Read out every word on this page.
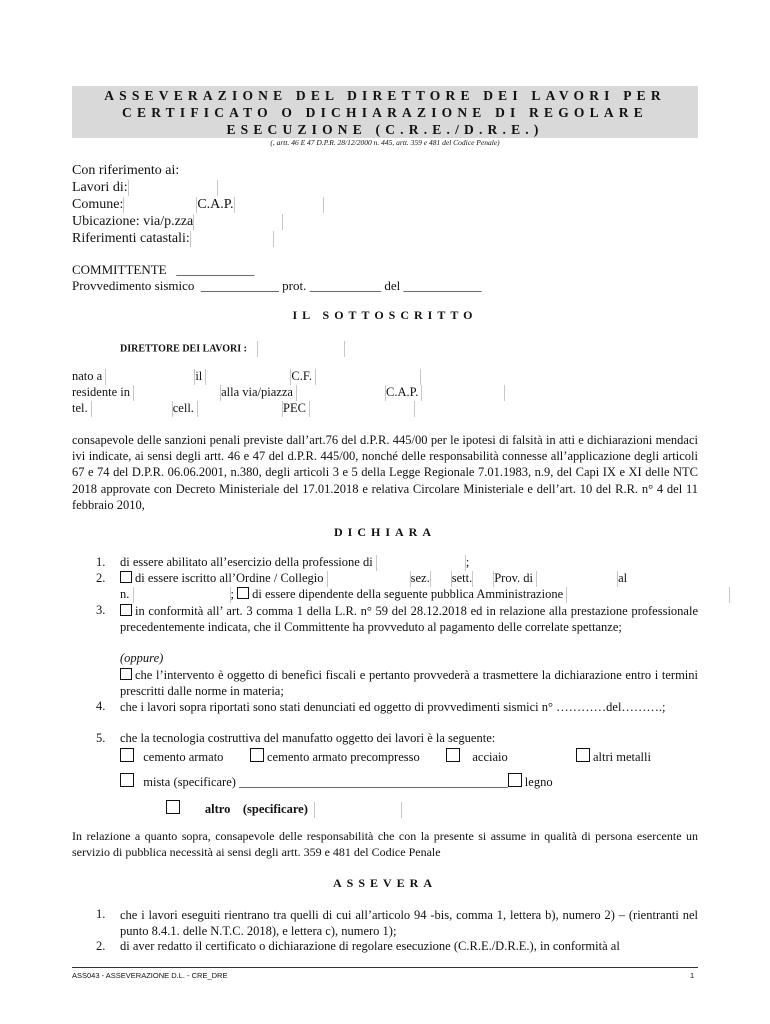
ASSEVERAZIONE DEL DIRETTORE DEI LAVORI PER
CERTIFICATO O DICHIARAZIONE DI REGOLARE
ESECUZIONE (C.R.E./D.R.E.)
(, artt. 46 E 47 D.P.R. 28/12/2000 n. 445, artt. 359 e 481 del Codice Penale)
Con riferimento ai:
Lavori di:
Comune:	C.A.P.
Ubicazione: via/p.zza
Riferimenti catastali:
COMMITTENTE ____________
Provvedimento sismico ____________ prot. ___________ del ____________
IL SOTTOSCRITTO
DIRETTORE DEI LAVORI :
nato a	il	C.F.
residente in	alla via/piazza	C.A.P.
tel.	cell.	PEC
consapevole delle sanzioni penali previste dall’art.76 del d.P.R. 445/00 per le ipotesi di falsità in atti e dichiarazioni mendaci ivi indicate, ai sensi degli artt. 46 e 47 del d.P.R. 445/00, nonché delle responsabilità connesse all’applicazione degli articoli 67 e 74 del D.P.R. 06.06.2001, n.380, degli articoli 3 e 5 della Legge Regionale 7.01.1983, n.9, del Capi IX e XI delle NTC 2018 approvate con Decreto Ministeriale del 17.01.2018 e relativa Circolare Ministeriale e dell’art. 10 del R.R. n° 4 del 11 febbraio 2010,
DICHIARA
1. di essere abilitato all’esercizio della professione di	;
2.	di essere iscritto all’Ordine / Collegio	sez. sett. Prov. di	al
n.	; di essere dipendente della seguente pubblica Amministrazione
3.	in conformità all’ art. 3 comma 1 della L.R. n° 59 del 28.12.2018 ed in relazione alla prestazione professionale precedentemente indicata, che il Committente ha provveduto al pagamento delle correlate spettanze;
(oppure)
che l’intervento è oggetto di benefici fiscali e pertanto provvederà a trasmettere la dichiarazione entro i termini prescritti dalle norme in materia;
4. che i lavori sopra riportati sono stati denunciati ed oggetto di provvedimenti sismici n° …………del……….;
5. che la tecnologia costruttiva del manufatto oggetto dei lavori è la seguente:
cemento armato	cemento armato precompresso	acciaio	altri metalli
mista (specificare) ___________________________________________ legno
altro (specificare)
In relazione a quanto sopra, consapevole delle responsabilità che con la presente si assume in qualità di persona esercente un servizio di pubblica necessità ai sensi degli artt. 359 e 481 del Codice Penale
ASSEVERA
1. che i lavori eseguiti rientrano tra quelli di cui all’articolo 94 -bis, comma 1, lettera b), numero 2) – (rientranti nel punto 8.4.1. delle N.T.C. 2018), e lettera c), numero 1);
2. di aver redatto il certificato o dichiarazione di regolare esecuzione (C.R.E./D.R.E.), in conformità al
ASS043 - ASSEVERAZIONE D.L. - CRE_DRE	1
